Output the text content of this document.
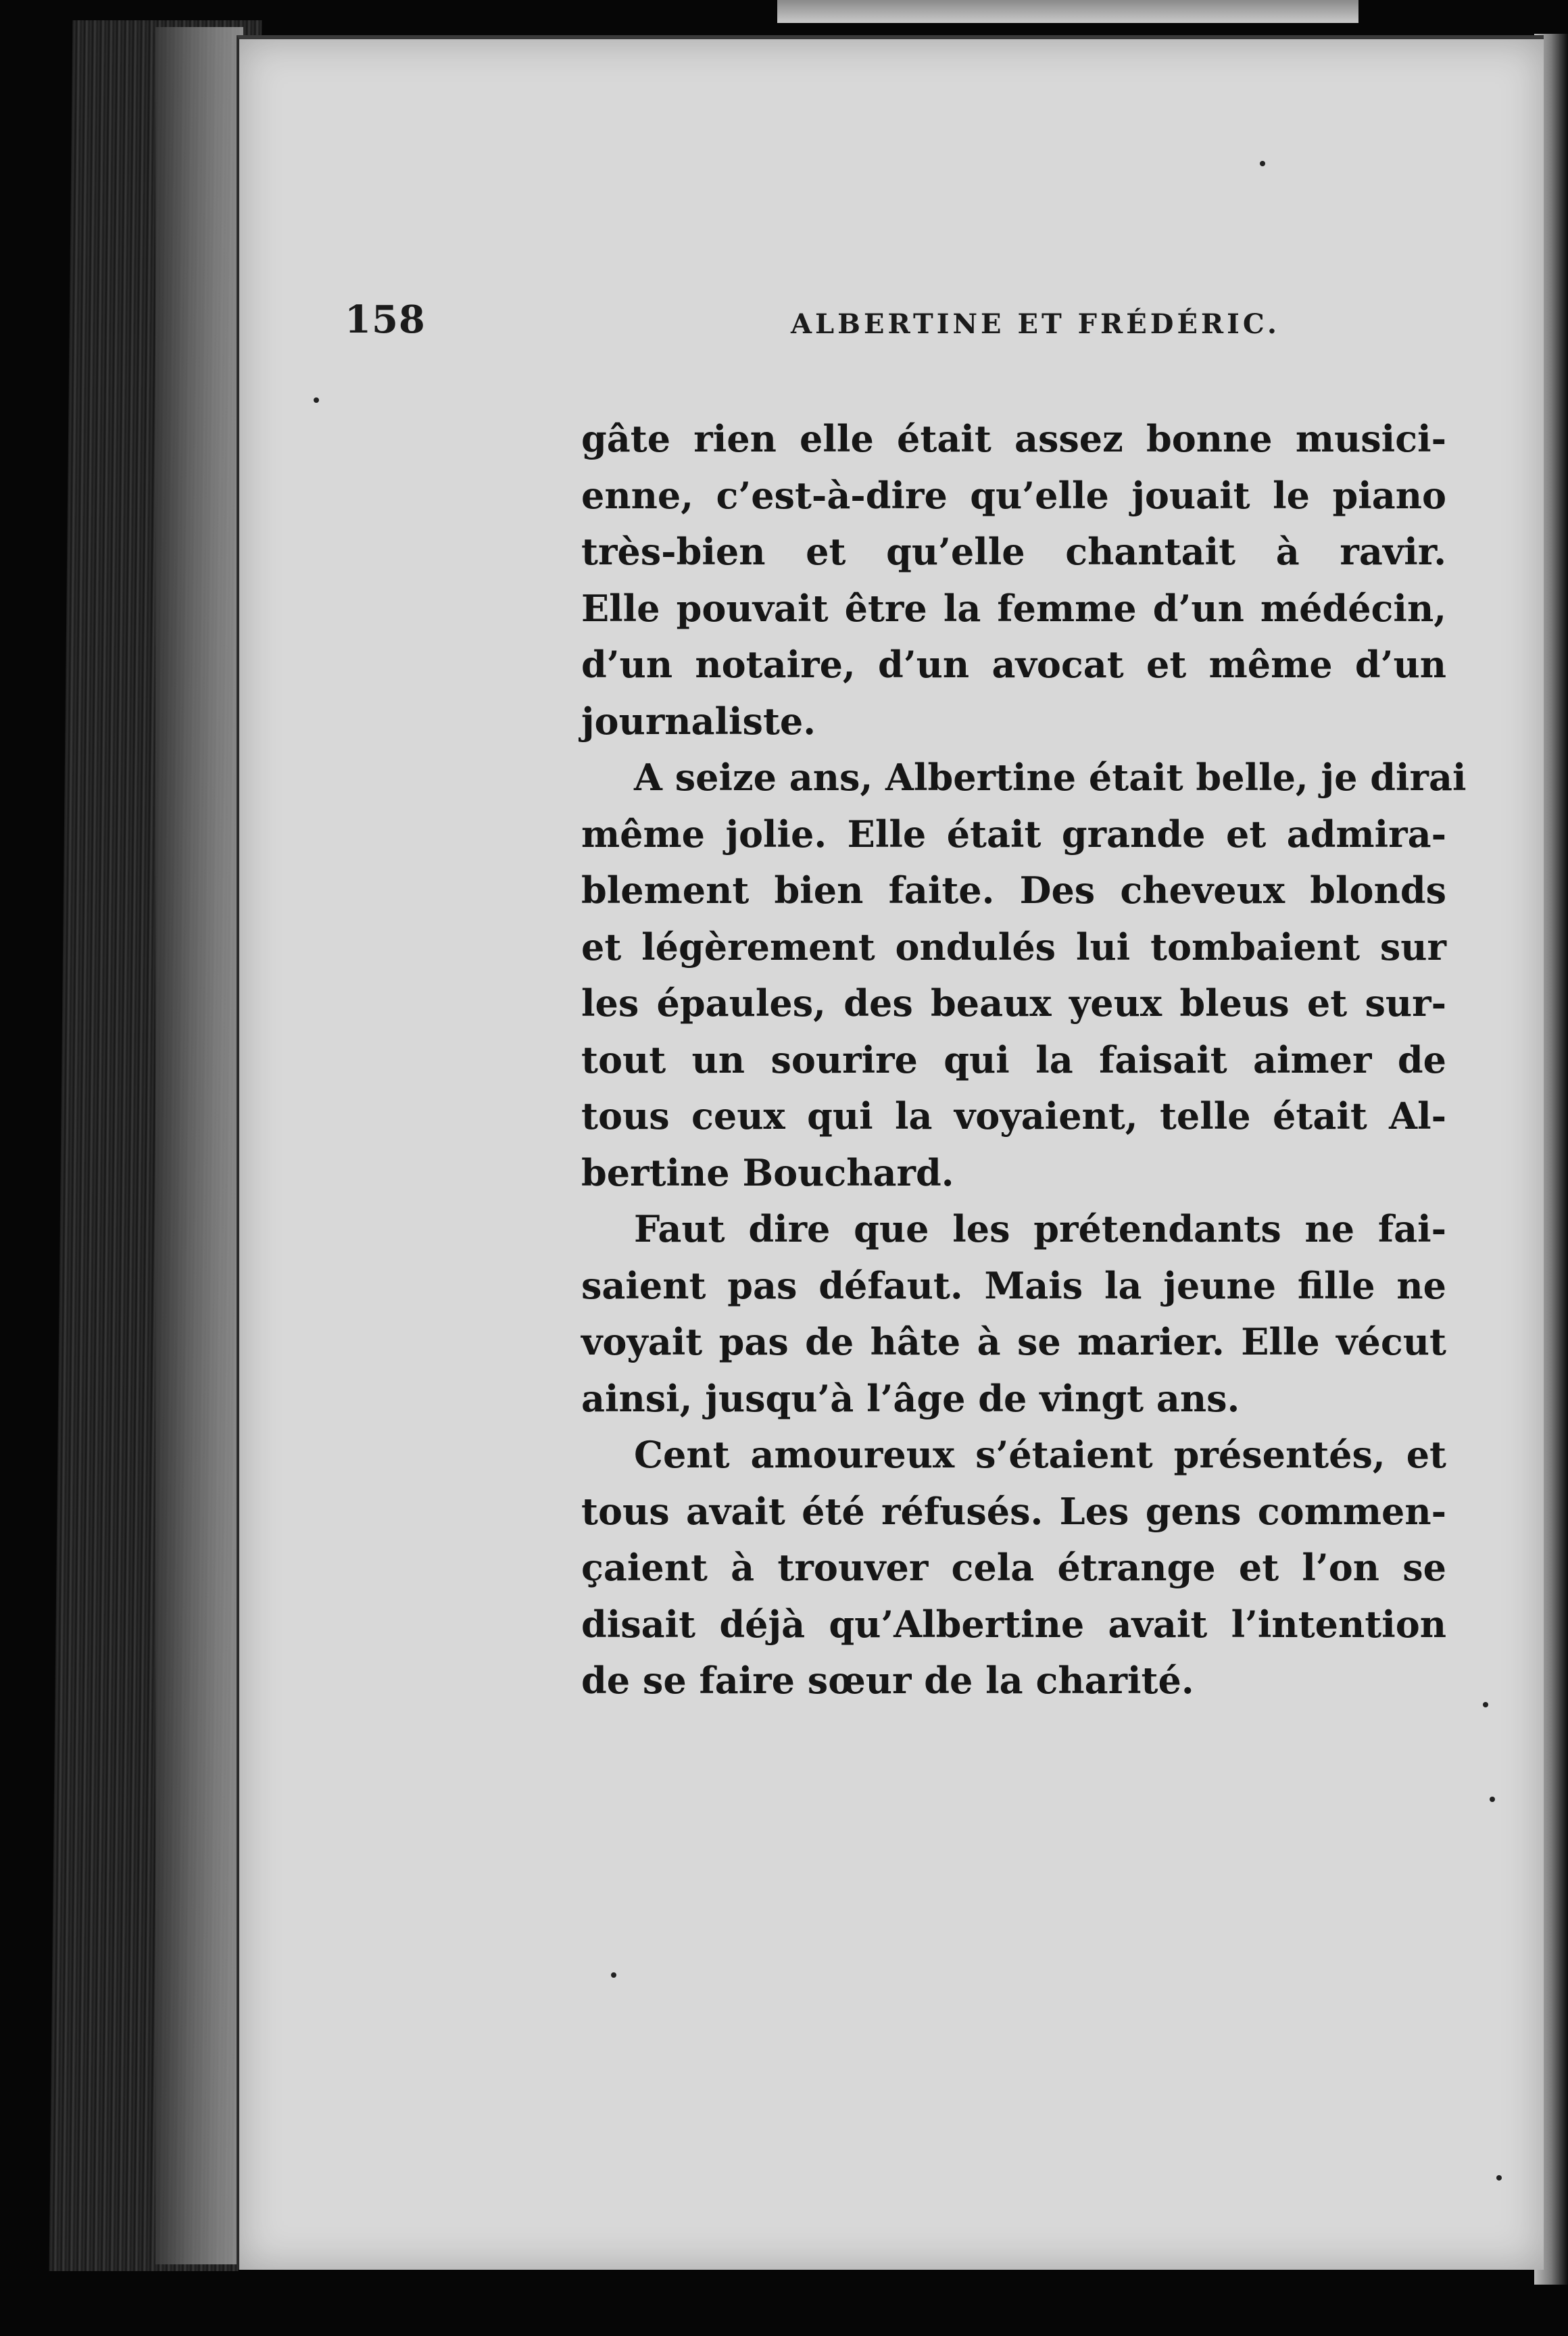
158	ALBERTINE ET FRÉDÉRIC.
gâte rien elle était assez bonne musici-
enne, c’est-à-dire qu’elle jouait le piano
très-bien et qu’elle chantait à ravir.
Elle pouvait être la femme d’un médécin,
d’un notaire, d’un avocat et même d’un
journaliste.
A seize ans, Albertine était belle, je dirai
même jolie. Elle était grande et admira-
blement bien faite. Des cheveux blonds
et légèrement ondulés lui tombaient sur
les épaules, des beaux yeux bleus et sur-
tout un sourire qui la faisait aimer de
tous ceux qui la voyaient, telle était Al-
bertine Bouchard.
Faut dire que les prétendants ne fai-
saient pas défaut. Mais la jeune fille ne
voyait pas de hâte à se marier. Elle vécut
ainsi, jusqu’à l’âge de vingt ans.
Cent amoureux s’étaient présentés, et
tous avait été réfusés. Les gens commen-
çaient à trouver cela étrange et l’on se
disait déjà qu’Albertine avait l’intention
de se faire sœur de la charité.
